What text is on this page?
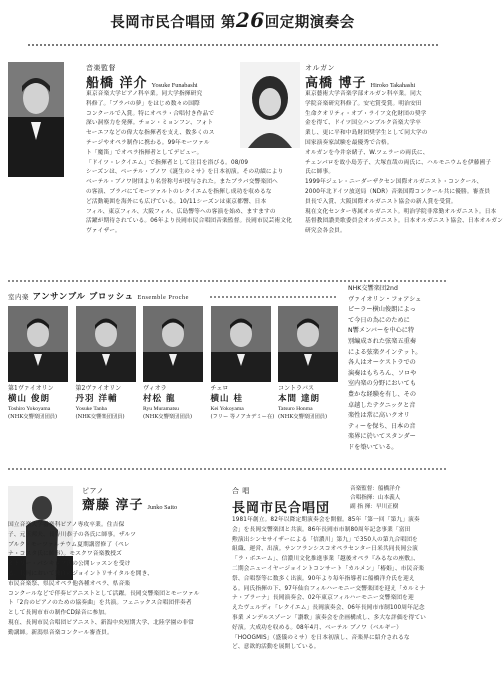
長岡市民合唱団 第26回定期演奏会
音楽監督
船橋 洋介 Yosuke Funabashi
東京音楽大学ピアノ科卒業。同大学指揮研究
科修了。「ブラバの夢」をはじめ数々の国際
コンクールで入賞。特にオペラ・合唱付き作品で
深い洞察力を発揮。チョン・ミョンフン、フォト
セーエフなどの偉大な指揮者を支え、数多くのス
テージやオペラ制作に携わる。99年モーツァル
ト「魔笛」でオペラ指揮者としてデビュー。
「ドイツ・レクイエム」で指揮者として注目を浴びる。08/09
シーズンは、ベーテル・ブノワ《誕生のミサ》を日本初演。その功績により
ベーテル・ブノワ財団より名誉称号が授与された。またブラバ交響楽団へ
の客演、ブラバにてモーツァルトのレクイエムを指揮し成功を収めるな
ど活動範囲を海外にも広げている。10/11シーズンは東京都響、日本
フィル、東京フィル、大阪フィル、広島響等への客演を始め、ますますの
活躍が期待されている。06年より長岡市民合唱団音楽監督。長岡市民芸術文化
ヴァイザー。
オルガン
高橋 博子 Hiroko Takahashi
東京藝術大学音楽学部オルガン科卒業。同大
学院音楽研究科修了。安宅賞受賞。明治安田
生命クオリティ・オブ・ライフ文化財団の奨学
金を得て、ドイツ国立ハンブルク音楽大学卒
業し、更に平和中島財団奨学生として同大学の
国家演奏家試験を最優秀で合格。
オルガンを今井奈緒子、W.ツェラーの両氏に、
チェンバロを故小島芳子、大塚直哉の両氏に、ハルモニウムを伊藤國子
氏に師事。
1999年ジェレ・ニーダーザクセン国際オルガニスト・コンクール、
2000年北ドイツ放送局（NDR）音楽国際コンクール共に優勝。審査員
員長で入賞、大阪国際オルガニスト協会の新人賞を受賞。
現在文化センター専属オルガニスト。明治学院非常勤オルガニスト。日本
基督教団讃美歌委員会オルガニスト。日本オルガニスト協会、日本オルガン
研究会各会員。
室内楽 アンサンブル ブロッシュ Ensemble Proche
第1ヴァイオリン
横山 俊朗
Toshiro Yokoyama
(NHK交響楽団団員)
第2ヴァイオリン
丹羽 洋輔
Yosuke Tanba
(NHK交響楽団団員)
ヴィオラ
村松 龍
Ryu Muramatsu
(NHK交響楽団団員)
チェロ
横山 桂
Kei Yokoyama
(フリー 等ノアカデミー在)
コントラバス
本間 達朗
Tatsuro Honma
(NHK交響楽団団員)
NHK交響楽団2nd
ヴァイオリン・フォアシュ
ピーラー横山俊朗によっ
て今日の為にのために
N響メンバーを中心に特
別編成された弦楽五重奏
による弦楽クインテット。
各人はオーケストラでの
演奏はもちろん、ソロや
室内楽の分野においても
豊かな経験を有し、その
卓越したテクニックと音
楽性は常に高いクオリ
ティーを保ち、日本の音
楽界に於いてスタンダー
ドを築いている。
ピアノ
齋藤 淳子 Junko Saito
国立音楽大学器楽科ピアノ専攻卒業。住吉保
子、元玉邦夫、長谷川恭子の各氏に師事。ザルツ
ブルク・モーツァルテウム夏期講習修了（ペレ
ナ・コスタ氏に師事）。モスクワ音楽教授ズ
ミトリー・バシキロフ氏の公開レッスンを受け
る。長岡において独自のジョイントリサイタルを開き、
市民音楽祭、県民オペラ他各種オペラ、県音楽
コンクールなどで伴奏ピアニストとして活躍。長岡交響楽団とモーツァル
ト「2台のピアノのための協奏曲」を共演。フェニックス合唱団伴奏者
として長岡市市の制作CD録音に参加。
現在、長岡市民合唱団ピアニスト、新潟中央短期大学、北陸学園の非常
勤講師。新潟県音楽コンクール審査員。
合 唱
長岡市民合唱団
音楽監督：船橋洋介
合唱指揮：山本義人
副 指 揮：早川正樹
1981年創立。82年以降定期演奏会を開催。85年「第一回「第九」演奏
会」を長岡交響楽団と共演。86年長岡市市制80周年記念事業「富田
勲演出シンセサイザーによる「信濃川」第九」で350人の第九合唱団を
組織、運営、出演。サンフランシスコオペラセンター日米共同長岡公演
「ラ・ボエーム」、信濃川文化推進事業「越後オペラ『みるなの座敷』、
二期会ニューイヤージョイントコンサート「カルメン」「椿姫」、市民音楽
祭、合唱祭等に数多く出演。90年より毎年指導者に船橋洋介氏を迎え
る。同氏指揮の下、97年仙台フィルハーモニー交響楽団を迎え「カルミナ
ナ・ブラーナ」長岡演奏会、02年東京フィルハーモニー交響楽団を迎
えたヴェルディ「レクイエム」長岡演奏会、06年長岡市市制100周年記念
事業 メンデルスゾーン「讃歌」演奏会を企画構成し、多大な評価を得てい
好演。大成功を収める。08年4月、ベーテル ブノワ（ベルギー）
「HOOGMIS」（盛儀のミサ）を日本初演し、音楽界に紹介されるな
ど、意欲的活動を展開している。
